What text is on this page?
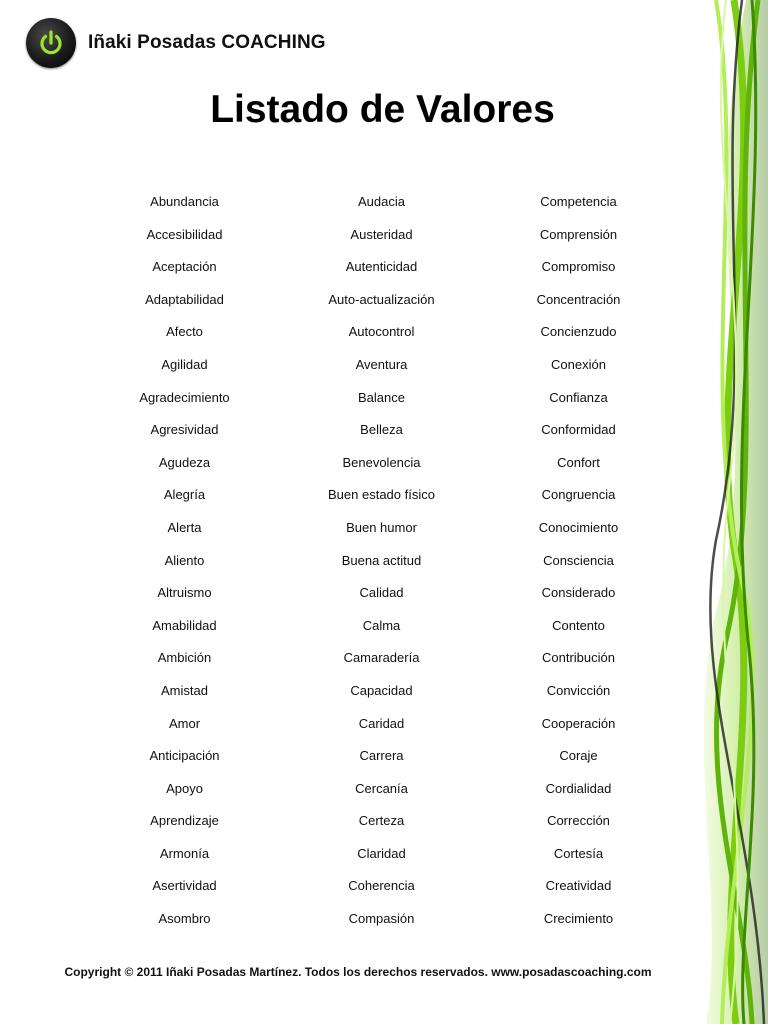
Iñaki Posadas COACHING
Listado de Valores
Abundancia
Accesibilidad
Aceptación
Adaptabilidad
Afecto
Agilidad
Agradecimiento
Agresividad
Agudeza
Alegría
Alerta
Aliento
Altruismo
Amabilidad
Ambición
Amistad
Amor
Anticipación
Apoyo
Aprendizaje
Armonía
Asertividad
Asombro
Audacia
Austeridad
Autenticidad
Auto-actualización
Autocontrol
Aventura
Balance
Belleza
Benevolencia
Buen estado físico
Buen humor
Buena actitud
Calidad
Calma
Camaradería
Capacidad
Caridad
Carrera
Cercanía
Certeza
Claridad
Coherencia
Compasión
Competencia
Comprensión
Compromiso
Concentración
Concienzudo
Conexión
Confianza
Conformidad
Confort
Congruencia
Conocimiento
Consciencia
Considerado
Contento
Contribución
Convicción
Cooperación
Coraje
Cordialidad
Corrección
Cortesía
Creatividad
Crecimiento
Copyright © 2011 Iñaki Posadas Martínez. Todos los derechos reservados. www.posadascoaching.com
